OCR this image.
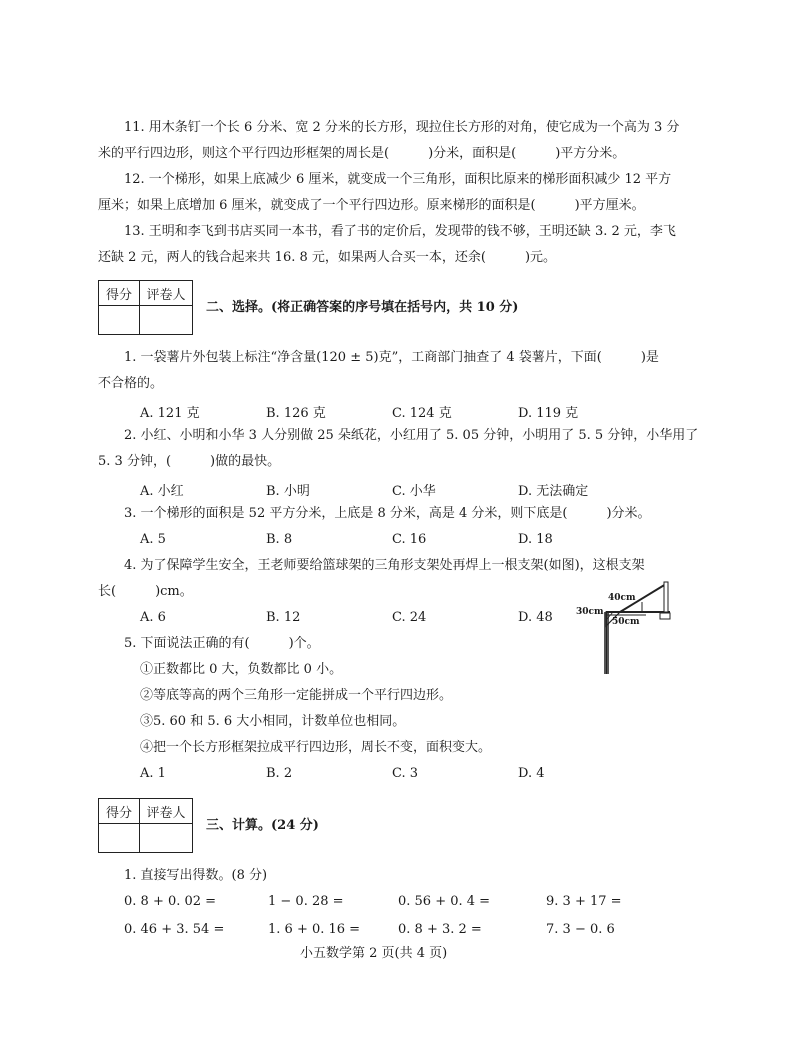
11. 用木条钉一个长 6 分米、宽 2 分米的长方形，现拉住长方形的对角，使它成为一个高为 3 分
米的平行四边形，则这个平行四边形框架的周长是(　　　)分米，面积是(　　　)平方分米。
12. 一个梯形，如果上底减少 6 厘米，就变成一个三角形，面积比原来的梯形面积减少 12 平方
厘米；如果上底增加 6 厘米，就变成了一个平行四边形。原来梯形的面积是(　　　)平方厘米。
13. 王明和李飞到书店买同一本书，看了书的定价后，发现带的钱不够，王明还缺 3. 2 元，李飞
还缺 2 元，两人的钱合起来共 16. 8 元，如果两人合买一本，还余(　　　)元。
得分	评卷人

二、选择。(将正确答案的序号填在括号内，共 10 分)
1. 一袋薯片外包装上标注“净含量(120 ± 5)克”，工商部门抽查了 4 袋薯片，下面(　　　)是
不合格的。
A. 121 克	B. 126 克	C. 124 克	D. 119 克
2. 小红、小明和小华 3 人分别做 25 朵纸花，小红用了 5. 05 分钟，小明用了 5. 5 分钟，小华用了
5. 3 分钟，(　　　)做的最快。
A. 小红	B. 小明	C. 小华	D. 无法确定
3. 一个梯形的面积是 52 平方分米，上底是 8 分米，高是 4 分米，则下底是(　　　)分米。
A. 5	B. 8	C. 16	D. 18
4. 为了保障学生安全，王老师要给篮球架的三角形支架处再焊上一根支架(如图)，这根支架
长(　　　)cm。
A. 6	B. 12	C. 24	D. 48
40cm
30cm
50cm
5. 下面说法正确的有(　　　)个。
①正数都比 0 大，负数都比 0 小。
②等底等高的两个三角形一定能拼成一个平行四边形。
③5. 60 和 5. 6 大小相同，计数单位也相同。
④把一个长方形框架拉成平行四边形，周长不变，面积变大。
A. 1	B. 2	C. 3	D. 4
得分	评卷人

三、计算。(24 分)
1. 直接写出得数。(8 分)
0. 8 + 0. 02 =	1 − 0. 28 =	0. 56 + 0. 4 =	9. 3 + 17 =
0. 46 + 3. 54 =	1. 6 + 0. 16 =	0. 8 + 3. 2 =	7. 3 − 0. 6
小五数学第 2 页(共 4 页)
